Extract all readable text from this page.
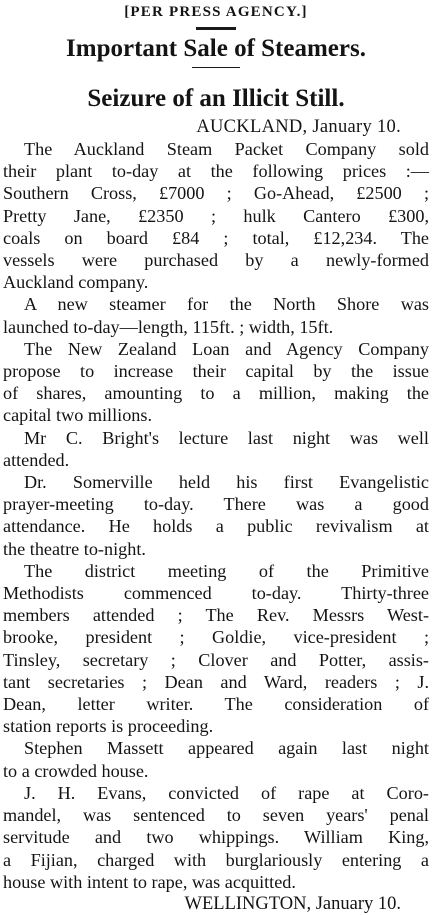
[PER PRESS AGENCY.]

Important Sale of Steamers.
Seizure of an Illicit Still.
AUCKLAND, January 10.
The Auckland Steam Packet Company sold
their plant to-day at the following prices :—
Southern Cross, £7000 ; Go-Ahead, £2500 ;
Pretty Jane, £2350 ; hulk Cantero £300,
coals on board £84 ; total, £12,234. The
vessels were purchased by a newly-formed
Auckland company.
A new steamer for the North Shore was
launched to-day—length, 115ft. ; width, 15ft.
The New Zealand Loan and Agency Company
propose to increase their capital by the issue
of shares, amounting to a million, making the
capital two millions.
Mr C. Bright's lecture last night was well
attended.
Dr. Somerville held his first Evangelistic
prayer-meeting to-day. There was a good
attendance. He holds a public revivalism at
the theatre to-night.
The district meeting of the Primitive
Methodists commenced to-day. Thirty-three
members attended ; The Rev. Messrs West-
brooke, president ; Goldie, vice-president ;
Tinsley, secretary ; Clover and Potter, assis-
tant secretaries ; Dean and Ward, readers ; J.
Dean, letter writer. The consideration of
station reports is proceeding.
Stephen Massett appeared again last night
to a crowded house.
J. H. Evans, convicted of rape at Coro-
mandel, was sentenced to seven years' penal
servitude and two whippings. William King,
a Fijian, charged with burglariously entering a
house with intent to rape, was acquitted.
WELLINGTON, January 10.
